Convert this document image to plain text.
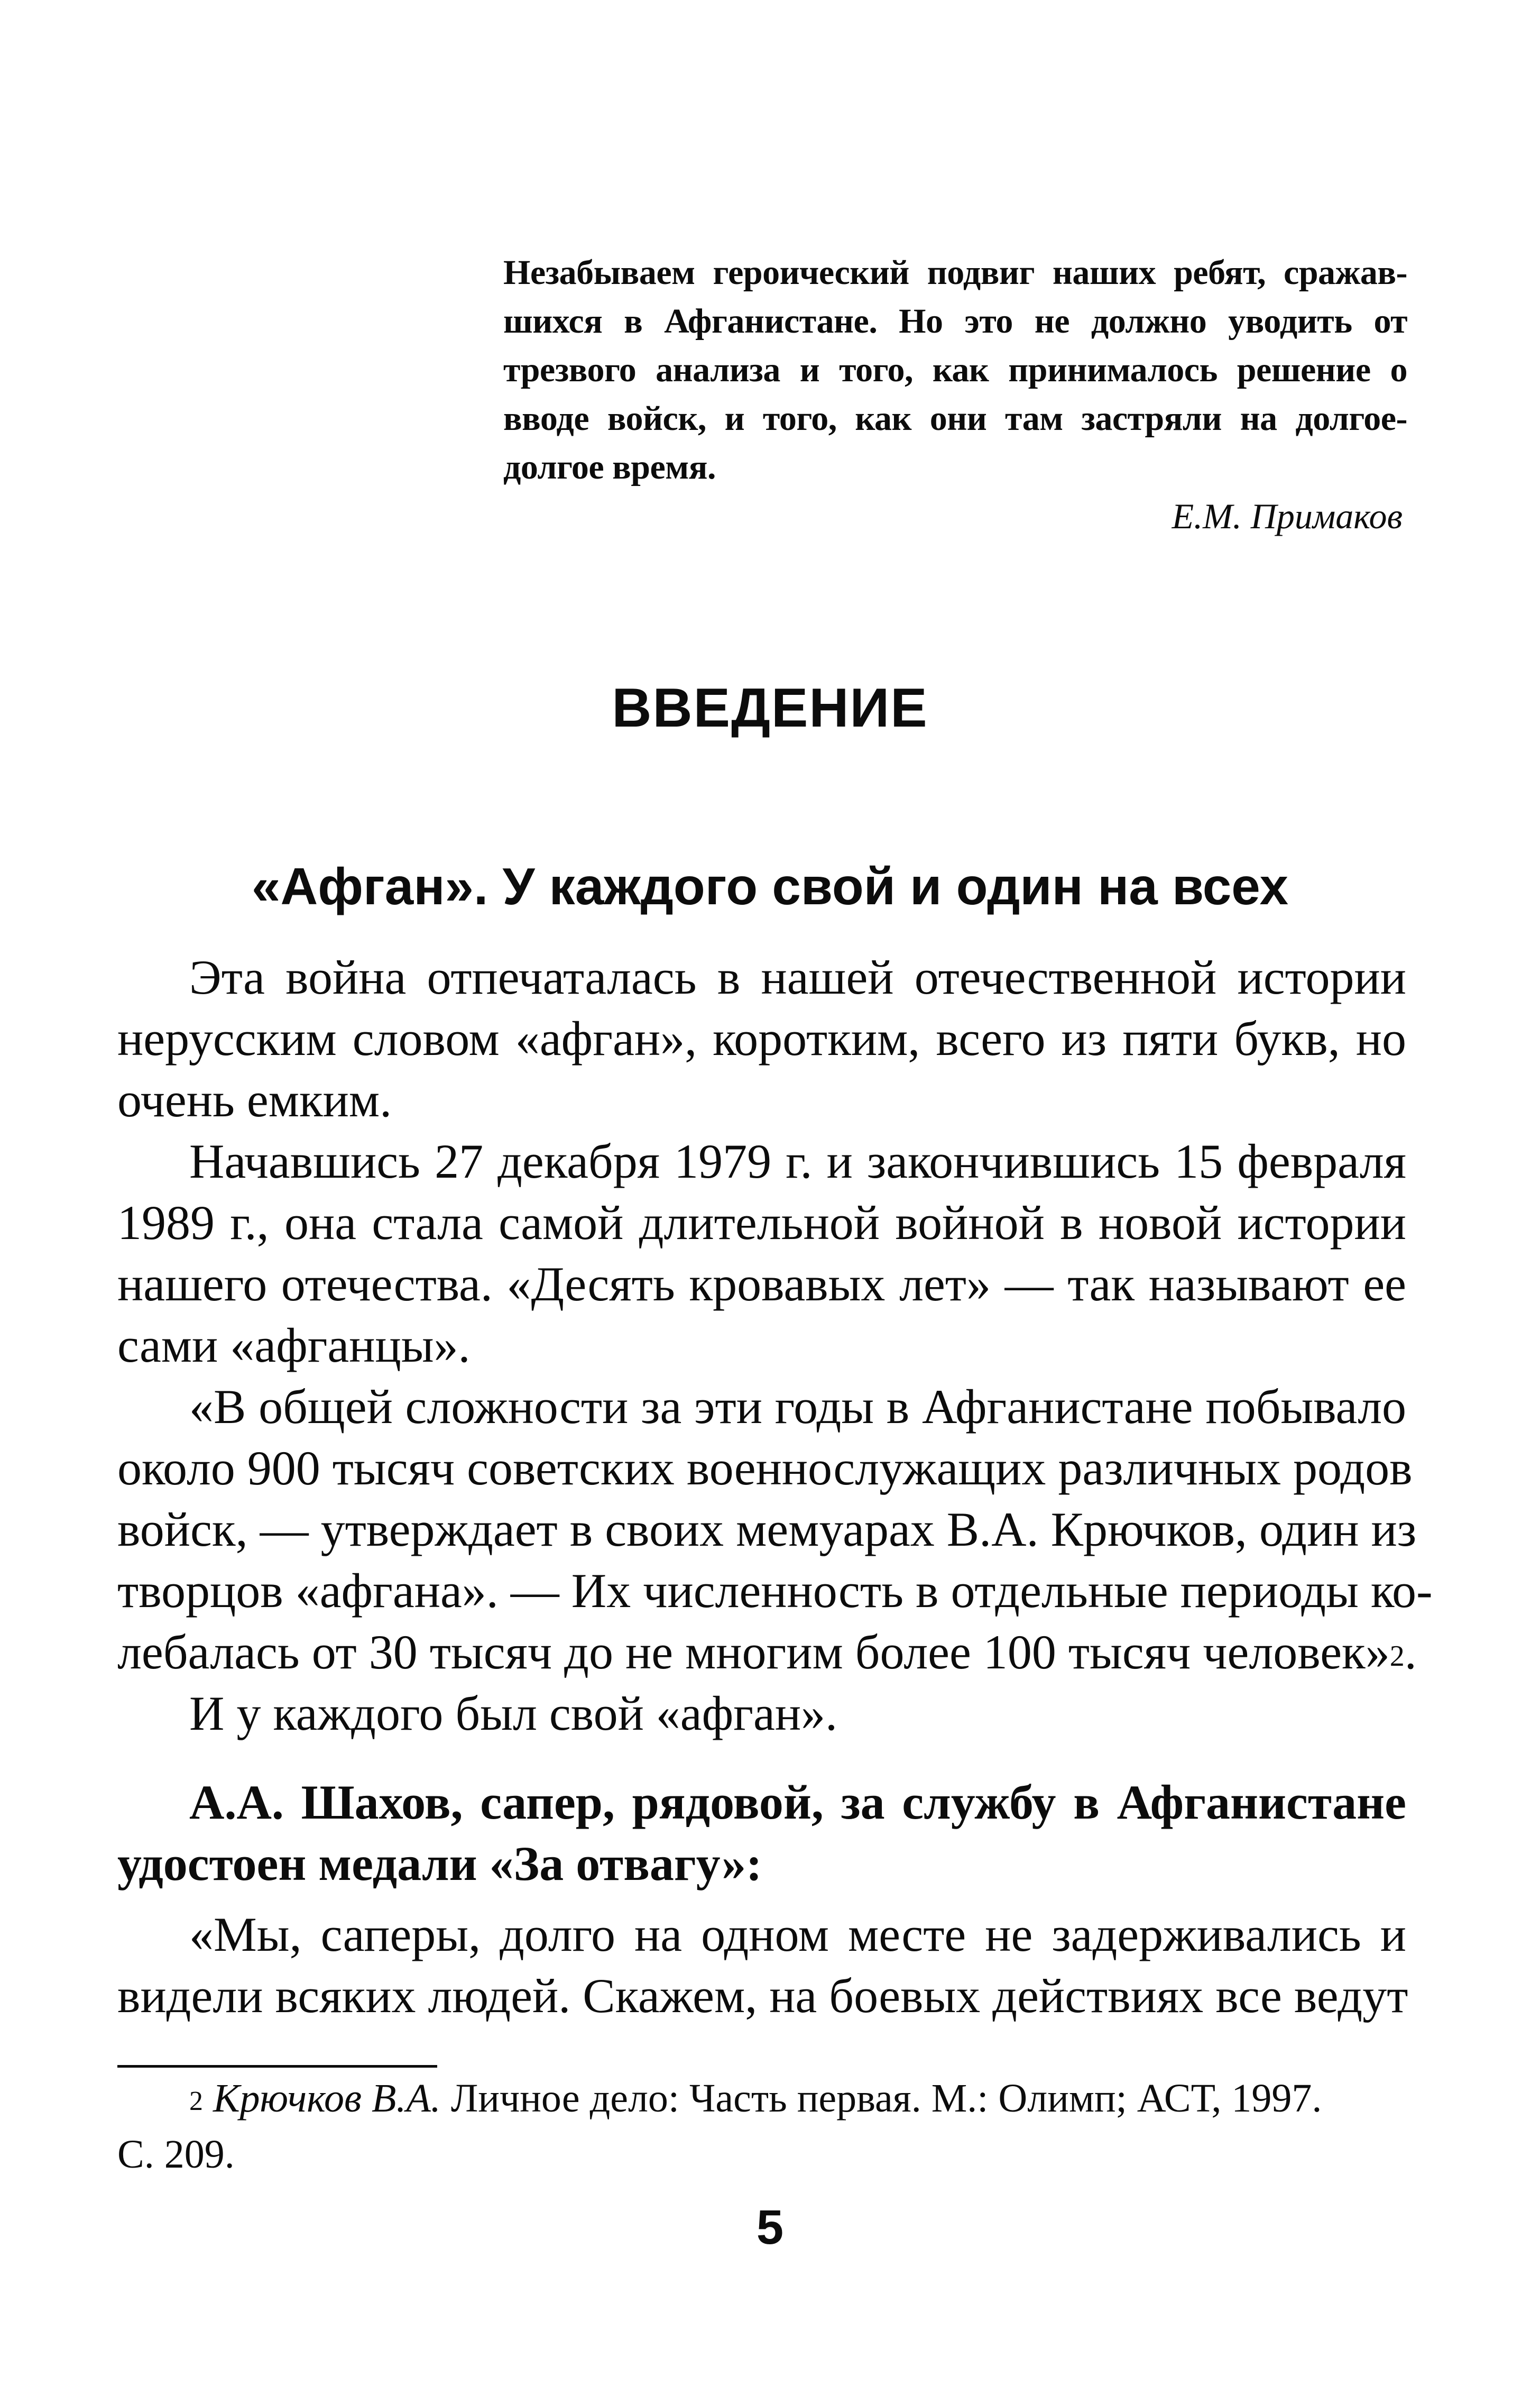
Незабываем героический подвиг наших ребят, сражав-
шихся в Афганистане. Но это не должно уводить от
трезвого анализа и того, как принималось решение о
вводе войск, и того, как они там застряли на долгое-
долгое время.
Е.М. Примаков
ВВЕДЕНИЕ
«Афган». У каждого свой и один на всех
Эта война отпечаталась в нашей отечественной истории
нерусским словом «афган», коротким, всего из пяти букв, но
очень емким.
Начавшись 27 декабря 1979 г. и закончившись 15 февраля
1989 г., она стала самой длительной войной в новой истории
нашего отечества. «Десять кровавых лет» — так называют ее
сами «афганцы».
«В общей сложности за эти годы в Афганистане побывало
около 900 тысяч советских военнослужащих различных родов
войск, — утверждает в своих мемуарах В.А. Крючков, один из
творцов «афгана». — Их численность в отдельные периоды ко-
лебалась от 30 тысяч до не многим более 100 тысяч человек»$^2$.
И у каждого был свой «афган».
А.А. Шахов, сапер, рядовой, за службу в Афганистане
удостоен медали «За отвагу»:
«Мы, саперы, долго на одном месте не задерживались и
видели всяких людей. Скажем, на боевых действиях все ведут
$^2$ Крючков В.А. Личное дело: Часть первая. М.: Олимп; АСТ, 1997.
С. 209.
5
